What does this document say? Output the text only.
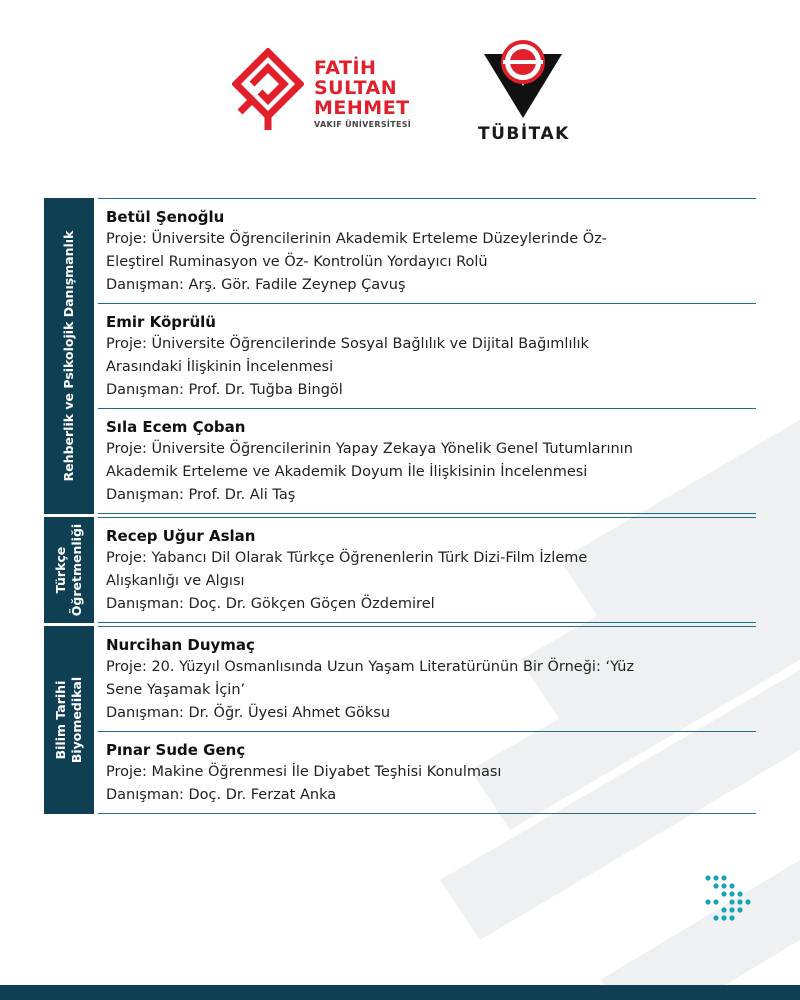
FATİH
SULTAN
MEHMET
VAKIF ÜNİVERSİTESİ	TÜBİTAK
Rehberlik ve Psikolojik Danışmanlık
Betül Şenoğlu
Proje: Üniversite Öğrencilerinin Akademik Erteleme Düzeylerinde Öz-
Eleştirel Ruminasyon ve Öz- Kontrolün Yordayıcı Rolü
Danışman: Arş. Gör. Fadile Zeynep Çavuş
Emir Köprülü
Proje: Üniversite Öğrencilerinde Sosyal Bağlılık ve Dijital Bağımlılık
Arasındaki İlişkinin İncelenmesi
Danışman: Prof. Dr. Tuğba Bingöl
Sıla Ecem Çoban
Proje: Üniversite Öğrencilerinin Yapay Zekaya Yönelik Genel Tutumlarının
Akademik Erteleme ve Akademik Doyum İle İlişkisinin İncelenmesi
Danışman: Prof. Dr. Ali Taş
Türkçe Öğretmenliği Recep Uğur Aslan
Proje: Yabancı Dil Olarak Türkçe Öğrenenlerin Türk Dizi-Film İzleme
Alışkanlığı ve Algısı
Danışman: Doç. Dr. Gökçen Göçen Özdemirel
Bilim Tarihi Biyomedikal
Nurcihan Duymaç
Proje: 20. Yüzyıl Osmanlısında Uzun Yaşam Literatürünün Bir Örneği: ‘Yüz
Sene Yaşamak İçin’
Danışman: Dr. Öğr. Üyesi Ahmet Göksu
Pınar Sude Genç
Proje: Makine Öğrenmesi İle Diyabet Teşhisi Konulması
Danışman: Doç. Dr. Ferzat Anka
